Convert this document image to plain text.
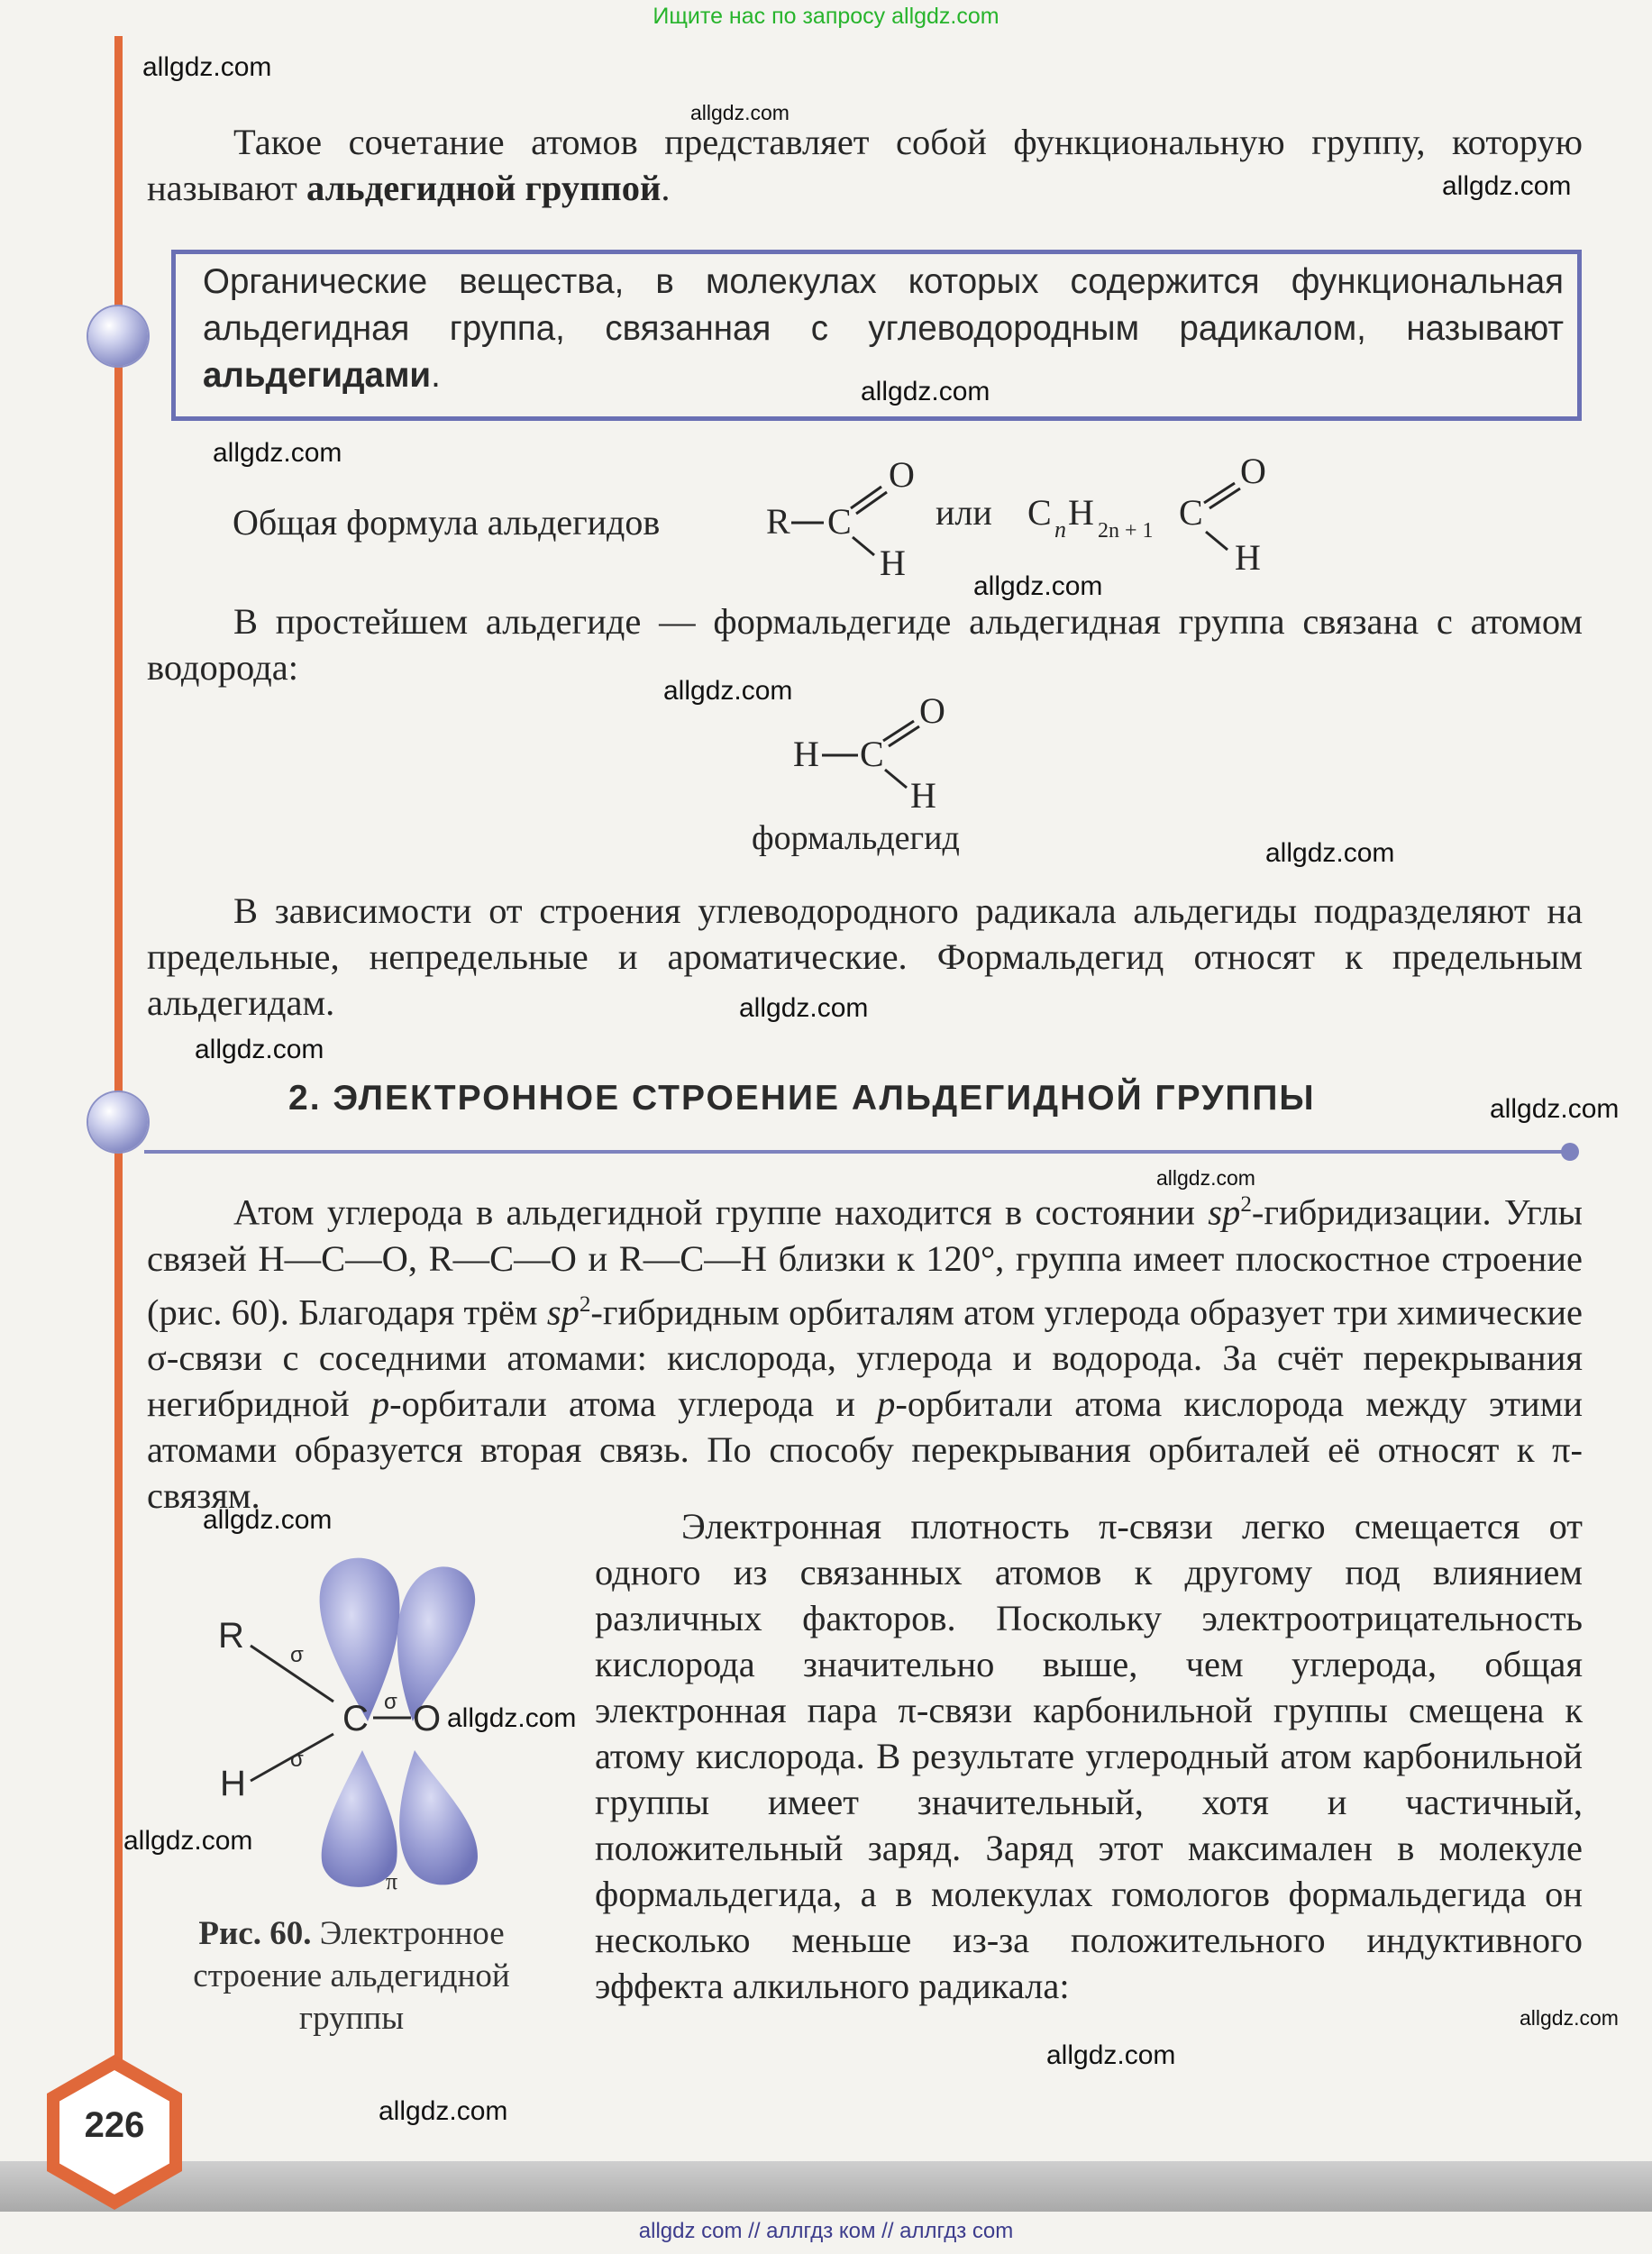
Ищите нас по запросу allgdz.com

Такое сочетание атомов представляет собой функциональную группу, которую называют альдегидной группой.

Органические вещества, в молекулах которых содержится функциональная альдегидная группа, связанная с углеводородным радикалом, называют альдегидами.
Общая формула альдегидов	R C
O
H
или C n H 2n + 1 C
O
H

В простейшем альдегиде — формальдегиде альдегидная группа связана с атомом водорода:

H C
O
H
формальдегид

В зависимости от строения углеводородного радикала альдегиды подразделяют на предельные, непредельные и ароматические. Формальдегид относят к предельным альдегидам.

2. ЭЛЕКТРОННОЕ СТРОЕНИЕ АЛЬДЕГИДНОЙ ГРУППЫ

Атом углерода в альдегидной группе находится в состоянии $sp^2$-гибридизации. Углы связей H—C—O, R—C—O и R—C—H близки к 120°, группа имеет плоскостное строение (рис. 60). Благодаря трём $sp^2$-гибридным орбиталям атом углерода образует три химические σ-связи с соседними атомами: кислорода, углерода и водорода. За счёт перекрывания негибридной p-орбитали атома углерода и p-орбитали атома кислорода между этими атомами образуется вторая связь. По способу перекрывания орбиталей её относят к π-связям.

Электронная плотность π-связи легко смещается от одного из связанных атомов к другому под влиянием различных факторов. Поскольку электроотрицательность кислорода значительно выше, чем углерода, общая электронная пара π-связи карбонильной группы смещена к атому кислорода. В результате углеродный атом карбонильной группы имеет значительный, хотя и частичный, положительный заряд. Заряд этот максимален в молекуле формальдегида, а в молекулах гомологов формальдегида он несколько меньше из-за положительного индуктивного эффекта алкильного радикала:

R σ
C σ O
σ
H
π
Рис. 60. Электронное строение альдегидной группы
226
allgdz com // аллгдз ком // аллгдз com
allgdz.com
allgdz.com
allgdz.com
allgdz.com
allgdz.com
allgdz.com
allgdz.com
allgdz.com
allgdz.com
allgdz.com
allgdz.com
allgdz.com
allgdz.com
allgdz.com
allgdz.com
allgdz.com
allgdz.com
allgdz.com
